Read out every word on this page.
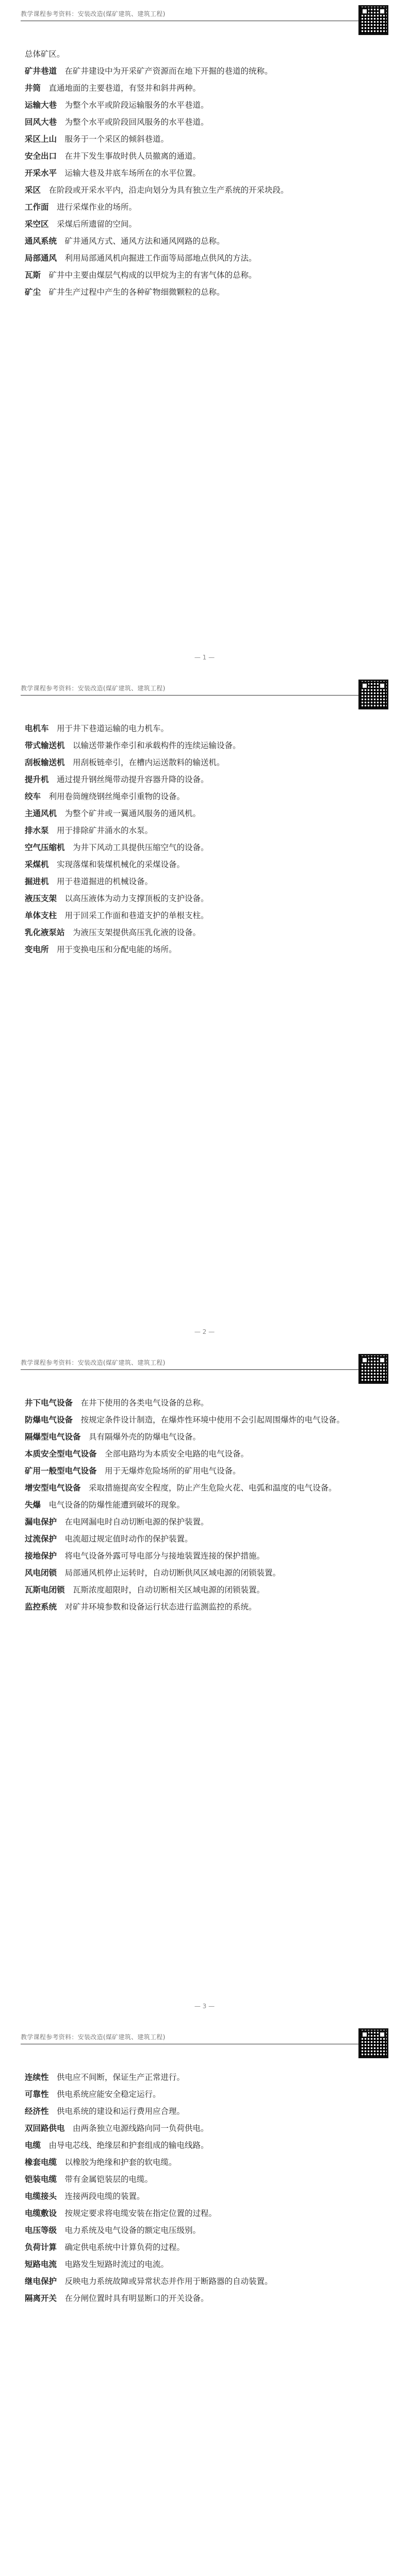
教学课程参考资料：安装改造(煤矿建筑、建筑工程)

总体矿区。

矿井巷道　 在矿井建设中为开采矿产资源而在地下开掘的巷道的统称。

井筒　 直通地面的主要巷道，有竖井和斜井两种。

运输大巷　 为整个水平或阶段运输服务的水平巷道。

回风大巷　 为整个水平或阶段回风服务的水平巷道。

采区上山　 服务于一个采区的倾斜巷道。

安全出口　 在井下发生事故时供人员撤离的通道。

开采水平　 运输大巷及井底车场所在的水平位置。

采区　 在阶段或开采水平内，沿走向划分为具有独立生产系统的开采块段。

工作面　 进行采煤作业的场所。

采空区　 采煤后所遗留的空间。

通风系统　 矿井通风方式、通风方法和通风网路的总称。

局部通风　 利用局部通风机向掘进工作面等局部地点供风的方法。

瓦斯　 矿井中主要由煤层气构成的以甲烷为主的有害气体的总称。

矿尘　 矿井生产过程中产生的各种矿物细微颗粒的总称。

— 1 —
教学课程参考资料：安装改造(煤矿建筑、建筑工程)

电机车　 用于井下巷道运输的电力机车。

带式输送机　 以输送带兼作牵引和承载构件的连续运输设备。

刮板输送机　 用刮板链牵引，在槽内运送散料的输送机。

提升机　 通过提升钢丝绳带动提升容器升降的设备。

绞车　 利用卷筒缠绕钢丝绳牵引重物的设备。

主通风机　 为整个矿井或一翼通风服务的通风机。

排水泵　 用于排除矿井涌水的水泵。

空气压缩机　 为井下风动工具提供压缩空气的设备。

采煤机　 实现落煤和装煤机械化的采煤设备。

掘进机　 用于巷道掘进的机械设备。

液压支架　 以高压液体为动力支撑顶板的支护设备。

单体支柱　 用于回采工作面和巷道支护的单根支柱。

乳化液泵站　 为液压支架提供高压乳化液的设备。

变电所　 用于变换电压和分配电能的场所。

— 2 —
教学课程参考资料：安装改造(煤矿建筑、建筑工程)

井下电气设备　 在井下使用的各类电气设备的总称。

防爆电气设备　 按规定条件设计制造，在爆炸性环境中使用不会引起周围爆炸的电气设备。

隔爆型电气设备　 具有隔爆外壳的防爆电气设备。

本质安全型电气设备　 全部电路均为本质安全电路的电气设备。

矿用一般型电气设备　 用于无爆炸危险场所的矿用电气设备。

增安型电气设备　 采取措施提高安全程度，防止产生危险火花、电弧和温度的电气设备。

失爆　 电气设备的防爆性能遭到破坏的现象。

漏电保护　 在电网漏电时自动切断电源的保护装置。

过流保护　 电流超过规定值时动作的保护装置。

接地保护　 将电气设备外露可导电部分与接地装置连接的保护措施。

风电闭锁　 局部通风机停止运转时，自动切断供风区域电源的闭锁装置。

瓦斯电闭锁　 瓦斯浓度超限时，自动切断相关区域电源的闭锁装置。

监控系统　 对矿井环境参数和设备运行状态进行监测监控的系统。

— 3 —
教学课程参考资料：安装改造(煤矿建筑、建筑工程)

连续性　 供电应不间断，保证生产正常进行。

可靠性　 供电系统应能安全稳定运行。

经济性　 供电系统的建设和运行费用应合理。

双回路供电　 由两条独立电源线路向同一负荷供电。

电缆　 由导电芯线、绝缘层和护套组成的输电线路。

橡套电缆　 以橡胶为绝缘和护套的软电缆。

铠装电缆　 带有金属铠装层的电缆。

电缆接头　 连接两段电缆的装置。

电缆敷设　 按规定要求将电缆安装在指定位置的过程。

电压等级　 电力系统及电气设备的额定电压级别。

负荷计算　 确定供电系统中计算负荷的过程。

短路电流　 电路发生短路时流过的电流。

继电保护　 反映电力系统故障或异常状态并作用于断路器的自动装置。

隔离开关　 在分闸位置时具有明显断口的开关设备。
